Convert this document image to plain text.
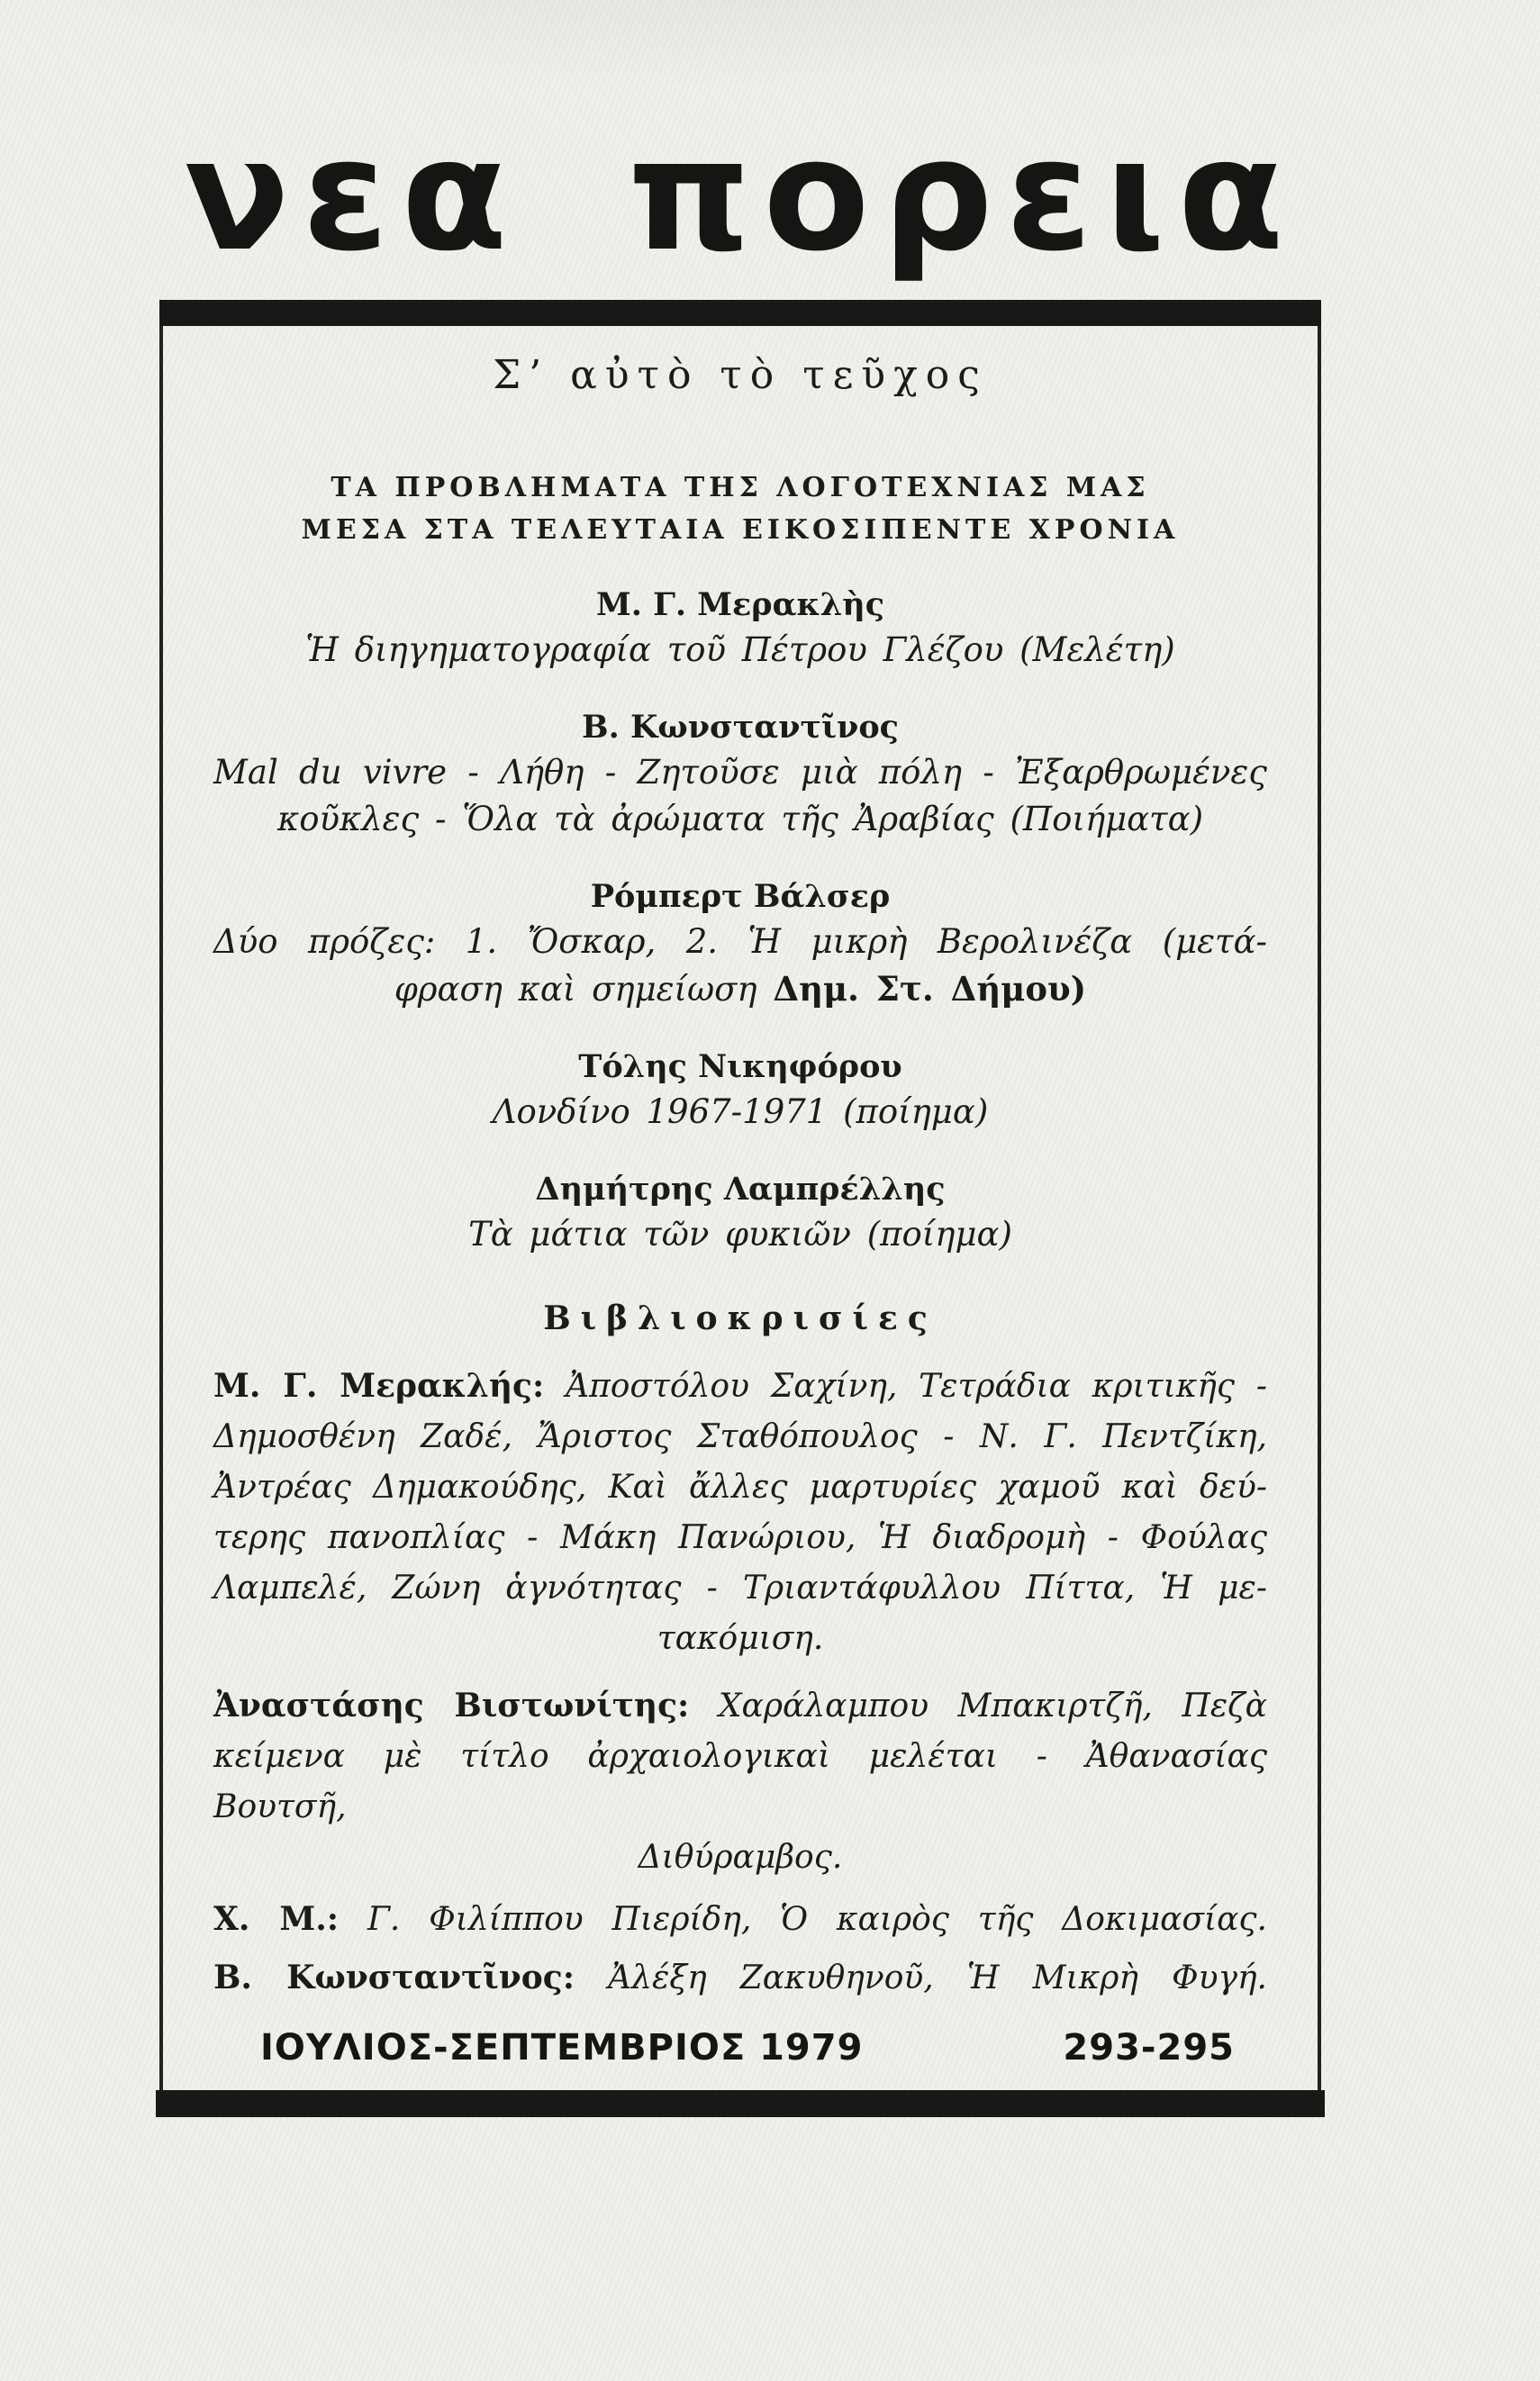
νεα πορεια
Σ’ αὐτὸ τὸ τεῦχος
ΤΑ ΠΡΟΒΛΗΜΑΤΑ ΤΗΣ ΛΟΓΟΤΕΧΝΙΑΣ ΜΑΣ
ΜΕΣΑ ΣΤΑ ΤΕΛΕΥΤΑΙΑ ΕΙΚΟΣΙΠΕΝΤΕ ΧΡΟΝΙΑ
Μ. Γ. Μερακλὴς
Ἡ διηγηματογραφία τοῦ Πέτρου Γλέζου (Μελέτη)
Β. Κωνσταντῖνος
Mal du vivre - Λήθη - Ζητοῦσε μιὰ πόλη - Ἐξαρθρωμένες
κοῦκλες - Ὅλα τὰ ἀρώματα τῆς Ἀραβίας (Ποιήματα)
Ρόμπερτ Βάλσερ
Δύο πρόζες: 1. Ὄσκαρ, 2. Ἡ μικρὴ Βερολινέζα (μετά-
φραση καὶ σημείωση Δημ. Στ. Δήμου)
Τόλης Νικηφόρου
Λονδίνο 1967-1971 (ποίημα)
Δημήτρης Λαμπρέλλης
Τὰ μάτια τῶν φυκιῶν (ποίημα)
Βιβλιοκρισίες
Μ. Γ. Μερακλής: Ἀποστόλου Σαχίνη, Τετράδια κριτικῆς -
Δημοσθένη Ζαδέ, Ἄριστος Σταθόπουλος - Ν. Γ. Πεντζίκη,
Ἀντρέας Δημακούδης, Καὶ ἄλλες μαρτυρίες χαμοῦ καὶ δεύ-
τερης πανοπλίας - Μάκη Πανώριου, Ἡ διαδρομὴ - Φούλας
Λαμπελέ, Ζώνη ἁγνότητας - Τριαντάφυλλου Πίττα, Ἡ με-
τακόμιση.
Ἀναστάσης Βιστωνίτης: Χαράλαμπου Μπακιρτζῆ, Πεζὰ
κείμενα μὲ τίτλο ἀρχαιολογικαὶ μελέται - Ἀθανασίας Βουτσῆ,
Διθύραμβος.
Χ. Μ.: Γ. Φιλίππου Πιερίδη, Ὁ καιρὸς τῆς Δοκιμασίας.
Β. Κωνσταντῖνος: Ἀλέξη Ζακυθηνοῦ, Ἡ Μικρὴ Φυγή.
ΙΟΥΛΙΟΣ-ΣΕΠΤΕΜΒΡΙΟΣ 1979	293-295
